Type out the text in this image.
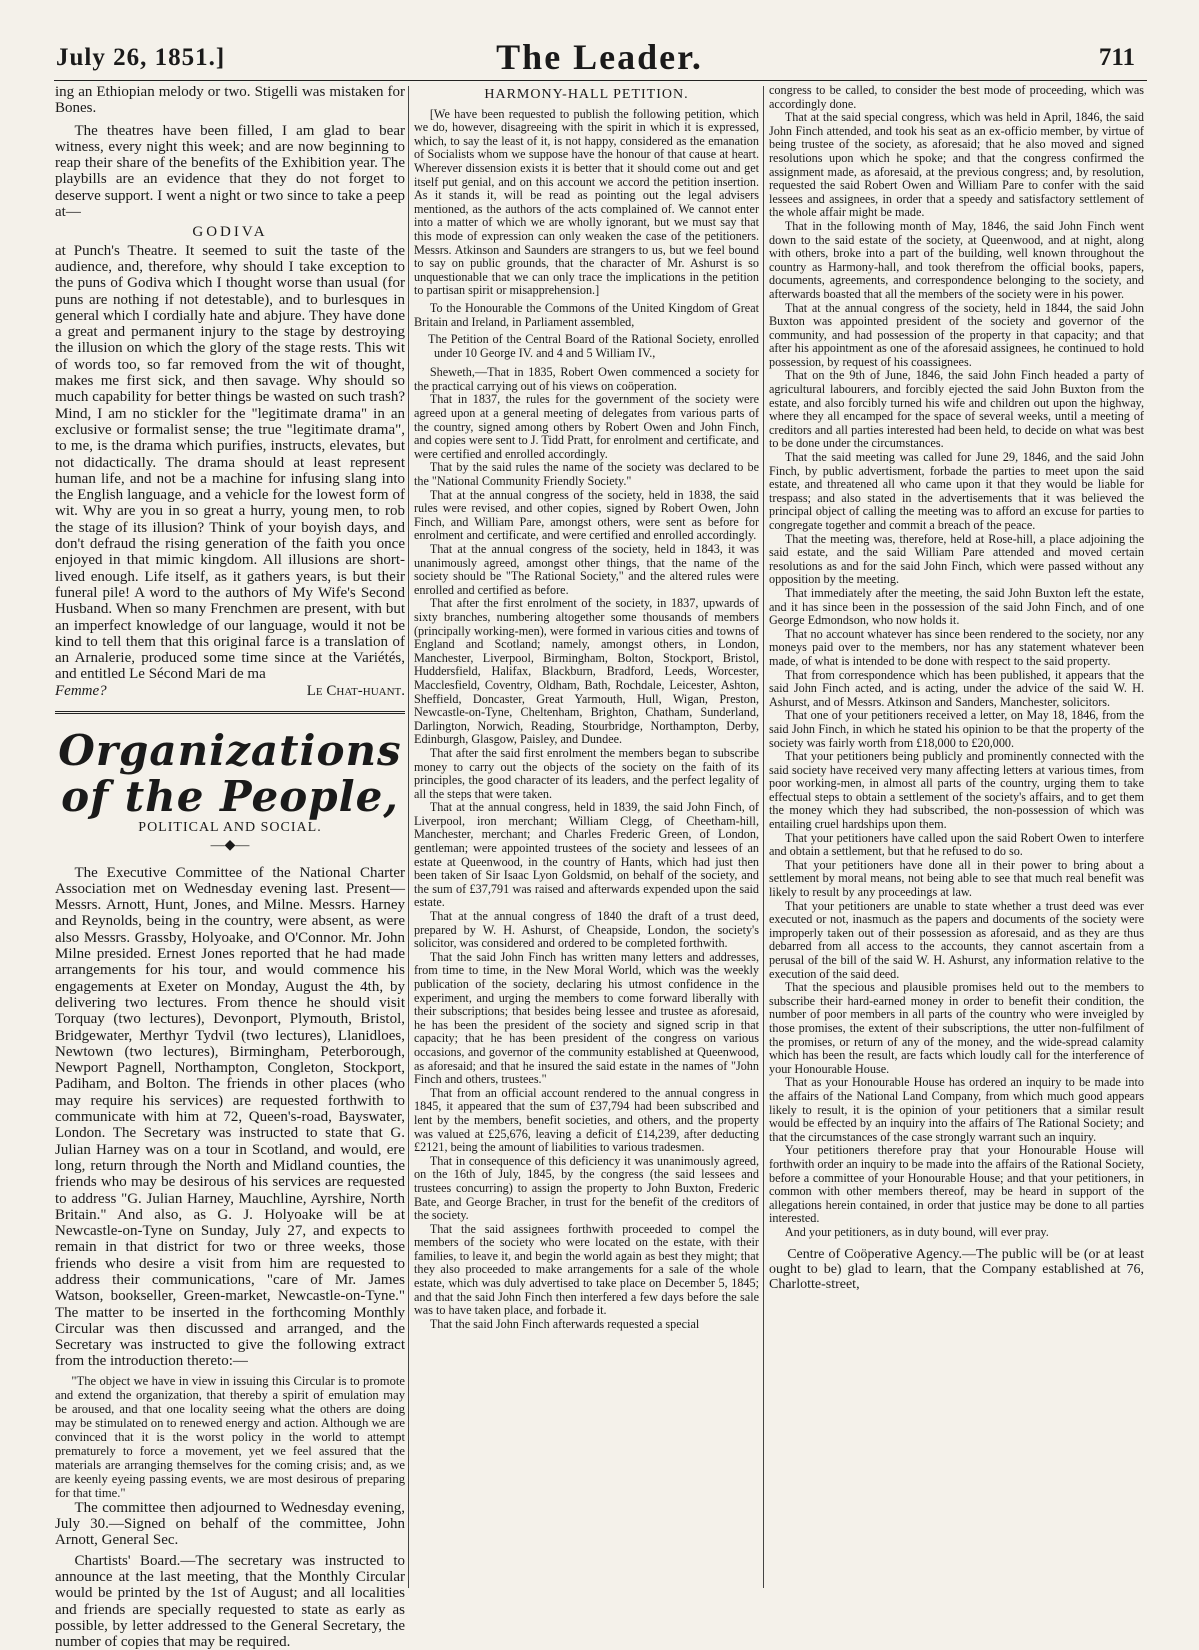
July 26, 1851.]	The Leader.	711

ing an Ethiopian melody or two. Stigelli was mistaken for Bones.

The theatres have been filled, I am glad to bear witness, every night this week; and are now beginning to reap their share of the benefits of the Exhibition year. The playbills are an evidence that they do not forget to deserve support. I went a night or two since to take a peep at—

GODIVA

at Punch's Theatre. It seemed to suit the taste of the audience, and, therefore, why should I take exception to the puns of Godiva which I thought worse than usual (for puns are nothing if not detestable), and to burlesques in general which I cordially hate and abjure. They have done a great and permanent injury to the stage by destroying the illusion on which the glory of the stage rests. This wit of words too, so far removed from the wit of thought, makes me first sick, and then savage. Why should so much capability for better things be wasted on such trash? Mind, I am no stickler for the "legitimate drama" in an exclusive or formalist sense; the true "legitimate drama", to me, is the drama which purifies, instructs, elevates, but not didactically. The drama should at least represent human life, and not be a machine for infusing slang into the English language, and a vehicle for the lowest form of wit. Why are you in so great a hurry, young men, to rob the stage of its illusion? Think of your boyish days, and don't defraud the rising generation of the faith you once enjoyed in that mimic kingdom. All illusions are short-lived enough. Life itself, as it gathers years, is but their funeral pile! A word to the authors of My Wife's Second Husband. When so many Frenchmen are present, with but an imperfect knowledge of our language, would it not be kind to tell them that this original farce is a translation of an Arnalerie, produced some time since at the Variétés, and entitled Le Sécond Mari de ma

Femme?	Le Chat-huant.
Organizations of the People,
POLITICAL AND SOCIAL.
—◆—

The Executive Committee of the National Charter Association met on Wednesday evening last. Present—Messrs. Arnott, Hunt, Jones, and Milne. Messrs. Harney and Reynolds, being in the country, were absent, as were also Messrs. Grassby, Holyoake, and O'Connor. Mr. John Milne presided. Ernest Jones reported that he had made arrangements for his tour, and would commence his engagements at Exeter on Monday, August the 4th, by delivering two lectures. From thence he should visit Torquay (two lectures), Devonport, Plymouth, Bristol, Bridgewater, Merthyr Tydvil (two lectures), Llanidloes, Newtown (two lectures), Birmingham, Peterborough, Newport Pagnell, Northampton, Congleton, Stockport, Padiham, and Bolton. The friends in other places (who may require his services) are requested forthwith to communicate with him at 72, Queen's-road, Bayswater, London. The Secretary was instructed to state that G. Julian Harney was on a tour in Scotland, and would, ere long, return through the North and Midland counties, the friends who may be desirous of his services are requested to address "G. Julian Harney, Mauchline, Ayrshire, North Britain." And also, as G. J. Holyoake will be at Newcastle-on-Tyne on Sunday, July 27, and expects to remain in that district for two or three weeks, those friends who desire a visit from him are requested to address their communications, "care of Mr. James Watson, bookseller, Green-market, Newcastle-on-Tyne." The matter to be inserted in the forthcoming Monthly Circular was then discussed and arranged, and the Secretary was instructed to give the following extract from the introduction thereto:—

"The object we have in view in issuing this Circular is to promote and extend the organization, that thereby a spirit of emulation may be aroused, and that one locality seeing what the others are doing may be stimulated on to renewed energy and action. Although we are convinced that it is the worst policy in the world to attempt prematurely to force a movement, yet we feel assured that the materials are arranging themselves for the coming crisis; and, as we are keenly eyeing passing events, we are most desirous of preparing for that time."

The committee then adjourned to Wednesday evening, July 30.—Signed on behalf of the committee, John Arnott, General Sec.

Chartists' Board.—The secretary was instructed to announce at the last meeting, that the Monthly Circular would be printed by the 1st of August; and all localities and friends are specially requested to state as early as possible, by letter addressed to the General Secretary, the number of copies that may be required.

HARMONY-HALL PETITION.

[We have been requested to publish the following petition, which we do, however, disagreeing with the spirit in which it is expressed, which, to say the least of it, is not happy, considered as the emanation of Socialists whom we suppose have the honour of that cause at heart. Wherever dissension exists it is better that it should come out and get itself put genial, and on this account we accord the petition insertion. As it stands it, will be read as pointing out the legal advisers mentioned, as the authors of the acts complained of. We cannot enter into a matter of which we are wholly ignorant, but we must say that this mode of expression can only weaken the case of the petitioners. Messrs. Atkinson and Saunders are strangers to us, but we feel bound to say on public grounds, that the character of Mr. Ashurst is so unquestionable that we can only trace the implications in the petition to partisan spirit or misapprehension.]

To the Honourable the Commons of the United Kingdom of Great Britain and Ireland, in Parliament assembled,

The Petition of the Central Board of the Rational Society, enrolled under 10 George IV. and 4 and 5 William IV.,

Sheweth,—That in 1835, Robert Owen commenced a society for the practical carrying out of his views on coöperation.

That in 1837, the rules for the government of the society were agreed upon at a general meeting of delegates from various parts of the country, signed among others by Robert Owen and John Finch, and copies were sent to J. Tidd Pratt, for enrolment and certificate, and were certified and enrolled accordingly.

That by the said rules the name of the society was declared to be the "National Community Friendly Society."

That at the annual congress of the society, held in 1838, the said rules were revised, and other copies, signed by Robert Owen, John Finch, and William Pare, amongst others, were sent as before for enrolment and certificate, and were certified and enrolled accordingly.

That at the annual congress of the society, held in 1843, it was unanimously agreed, amongst other things, that the name of the society should be "The Rational Society," and the altered rules were enrolled and certified as before.

That after the first enrolment of the society, in 1837, upwards of sixty branches, numbering altogether some thousands of members (principally working-men), were formed in various cities and towns of England and Scotland; namely, amongst others, in London, Manchester, Liverpool, Birmingham, Bolton, Stockport, Bristol, Huddersfield, Halifax, Blackburn, Bradford, Leeds, Worcester, Macclesfield, Coventry, Oldham, Bath, Rochdale, Leicester, Ashton, Sheffield, Doncaster, Great Yarmouth, Hull, Wigan, Preston, Newcastle-on-Tyne, Cheltenham, Brighton, Chatham, Sunderland, Darlington, Norwich, Reading, Stourbridge, Northampton, Derby, Edinburgh, Glasgow, Paisley, and Dundee.

That after the said first enrolment the members began to subscribe money to carry out the objects of the society on the faith of its principles, the good character of its leaders, and the perfect legality of all the steps that were taken.

That at the annual congress, held in 1839, the said John Finch, of Liverpool, iron merchant; William Clegg, of Cheetham-hill, Manchester, merchant; and Charles Frederic Green, of London, gentleman; were appointed trustees of the society and lessees of an estate at Queenwood, in the country of Hants, which had just then been taken of Sir Isaac Lyon Goldsmid, on behalf of the society, and the sum of £37,791 was raised and afterwards expended upon the said estate.

That at the annual congress of 1840 the draft of a trust deed, prepared by W. H. Ashurst, of Cheapside, London, the society's solicitor, was considered and ordered to be completed forthwith.

That the said John Finch has written many letters and addresses, from time to time, in the New Moral World, which was the weekly publication of the society, declaring his utmost confidence in the experiment, and urging the members to come forward liberally with their subscriptions; that besides being lessee and trustee as aforesaid, he has been the president of the society and signed scrip in that capacity; that he has been president of the congress on various occasions, and governor of the community established at Queenwood, as aforesaid; and that he insured the said estate in the names of "John Finch and others, trustees."

That from an official account rendered to the annual congress in 1845, it appeared that the sum of £37,794 had been subscribed and lent by the members, benefit societies, and others, and the property was valued at £25,676, leaving a deficit of £14,239, after deducting £2121, being the amount of liabilities to various tradesmen.

That in consequence of this deficiency it was unanimously agreed, on the 16th of July, 1845, by the congress (the said lessees and trustees concurring) to assign the property to John Buxton, Frederic Bate, and George Bracher, in trust for the benefit of the creditors of the society.

That the said assignees forthwith proceeded to compel the members of the society who were located on the estate, with their families, to leave it, and begin the world again as best they might; that they also proceeded to make arrangements for a sale of the whole estate, which was duly advertised to take place on December 5, 1845; and that the said John Finch then interfered a few days before the sale was to have taken place, and forbade it.

That the said John Finch afterwards requested a special

congress to be called, to consider the best mode of proceeding, which was accordingly done.

That at the said special congress, which was held in April, 1846, the said John Finch attended, and took his seat as an ex-officio member, by virtue of being trustee of the society, as aforesaid; that he also moved and signed resolutions upon which he spoke; and that the congress confirmed the assignment made, as aforesaid, at the previous congress; and, by resolution, requested the said Robert Owen and William Pare to confer with the said lessees and assignees, in order that a speedy and satisfactory settlement of the whole affair might be made.

That in the following month of May, 1846, the said John Finch went down to the said estate of the society, at Queenwood, and at night, along with others, broke into a part of the building, well known throughout the country as Harmony-hall, and took therefrom the official books, papers, documents, agreements, and correspondence belonging to the society, and afterwards boasted that all the members of the society were in his power.

That at the annual congress of the society, held in 1844, the said John Buxton was appointed president of the society and governor of the community, and had possession of the property in that capacity; and that after his appointment as one of the aforesaid assignees, he continued to hold possession, by request of his coassignees.

That on the 9th of June, 1846, the said John Finch headed a party of agricultural labourers, and forcibly ejected the said John Buxton from the estate, and also forcibly turned his wife and children out upon the highway, where they all encamped for the space of several weeks, until a meeting of creditors and all parties interested had been held, to decide on what was best to be done under the circumstances.

That the said meeting was called for June 29, 1846, and the said John Finch, by public advertisment, forbade the parties to meet upon the said estate, and threatened all who came upon it that they would be liable for trespass; and also stated in the advertisements that it was believed the principal object of calling the meeting was to afford an excuse for parties to congregate together and commit a breach of the peace.

That the meeting was, therefore, held at Rose-hill, a place adjoining the said estate, and the said William Pare attended and moved certain resolutions as and for the said John Finch, which were passed without any opposition by the meeting.

That immediately after the meeting, the said John Buxton left the estate, and it has since been in the possession of the said John Finch, and of one George Edmondson, who now holds it.

That no account whatever has since been rendered to the society, nor any moneys paid over to the members, nor has any statement whatever been made, of what is intended to be done with respect to the said property.

That from correspondence which has been published, it appears that the said John Finch acted, and is acting, under the advice of the said W. H. Ashurst, and of Messrs. Atkinson and Sanders, Manchester, solicitors.

That one of your petitioners received a letter, on May 18, 1846, from the said John Finch, in which he stated his opinion to be that the property of the society was fairly worth from £18,000 to £20,000.

That your petitioners being publicly and prominently connected with the said society have received very many affecting letters at various times, from poor working-men, in almost all parts of the country, urging them to take effectual steps to obtain a settlement of the society's affairs, and to get them the money which they had subscribed, the non-possession of which was entailing cruel hardships upon them.

That your petitioners have called upon the said Robert Owen to interfere and obtain a settlement, but that he refused to do so.

That your petitioners have done all in their power to bring about a settlement by moral means, not being able to see that much real benefit was likely to result by any proceedings at law.

That your petitioners are unable to state whether a trust deed was ever executed or not, inasmuch as the papers and documents of the society were improperly taken out of their possession as aforesaid, and as they are thus debarred from all access to the accounts, they cannot ascertain from a perusal of the bill of the said W. H. Ashurst, any information relative to the execution of the said deed.

That the specious and plausible promises held out to the members to subscribe their hard-earned money in order to benefit their condition, the number of poor members in all parts of the country who were inveigled by those promises, the extent of their subscriptions, the utter non-fulfilment of the promises, or return of any of the money, and the wide-spread calamity which has been the result, are facts which loudly call for the interference of your Honourable House.

That as your Honourable House has ordered an inquiry to be made into the affairs of the National Land Company, from which much good appears likely to result, it is the opinion of your petitioners that a similar result would be effected by an inquiry into the affairs of The Rational Society; and that the circumstances of the case strongly warrant such an inquiry.

Your petitioners therefore pray that your Honourable House will forthwith order an inquiry to be made into the affairs of the Rational Society, before a committee of your Honourable House; and that your petitioners, in common with other members thereof, may be heard in support of the allegations herein contained, in order that justice may be done to all parties interested.

And your petitioners, as in duty bound, will ever pray.

Centre of Coöperative Agency.—The public will be (or at least ought to be) glad to learn, that the Company established at 76, Charlotte-street,
